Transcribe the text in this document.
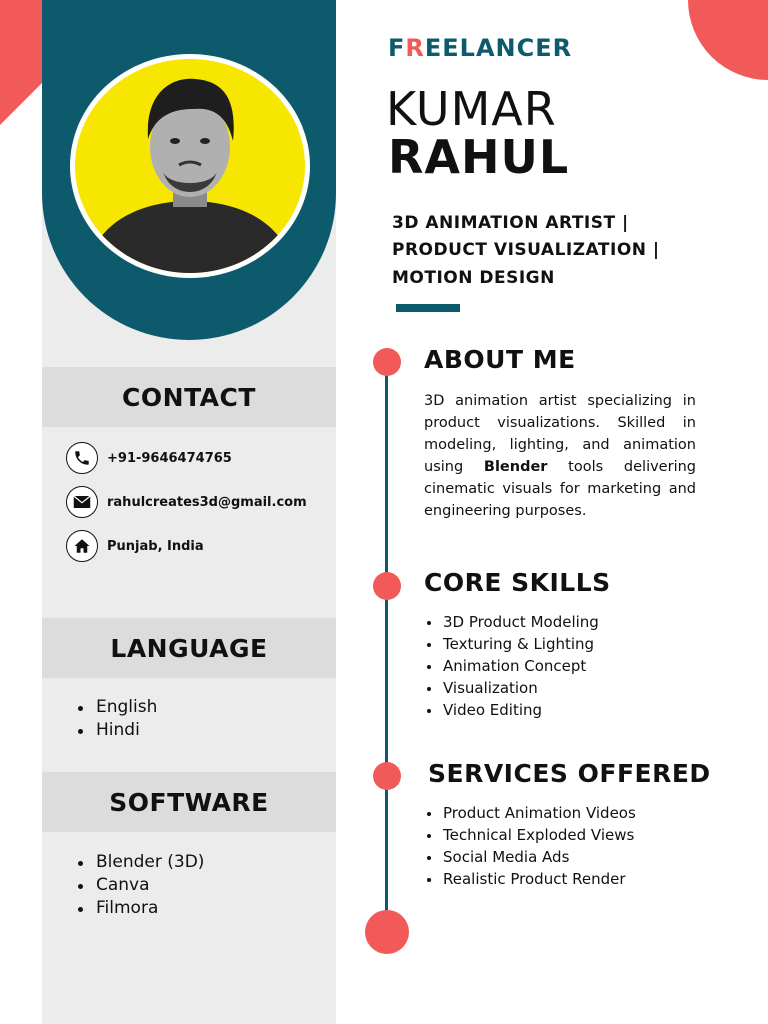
CONTACT
+91-9646474765
rahulcreates3d@gmail.com
Punjab, India
LANGUAGE
English
Hindi
SOFTWARE
Blender (3D)
Canva
Filmora
FREELANCER
KUMAR
RAHUL
3D ANIMATION ARTIST |
PRODUCT VISUALIZATION |
MOTION DESIGN
ABOUT ME

3D animation artist specializing in product visualizations. Skilled in modeling, lighting, and animation using Blender tools delivering cinematic visuals for marketing and engineering purposes.

CORE SKILLS
3D Product Modeling
Texturing & Lighting
Animation Concept
Visualization
Video Editing
SERVICES OFFERED
Product Animation Videos
Technical Exploded Views
Social Media Ads
Realistic Product Render
